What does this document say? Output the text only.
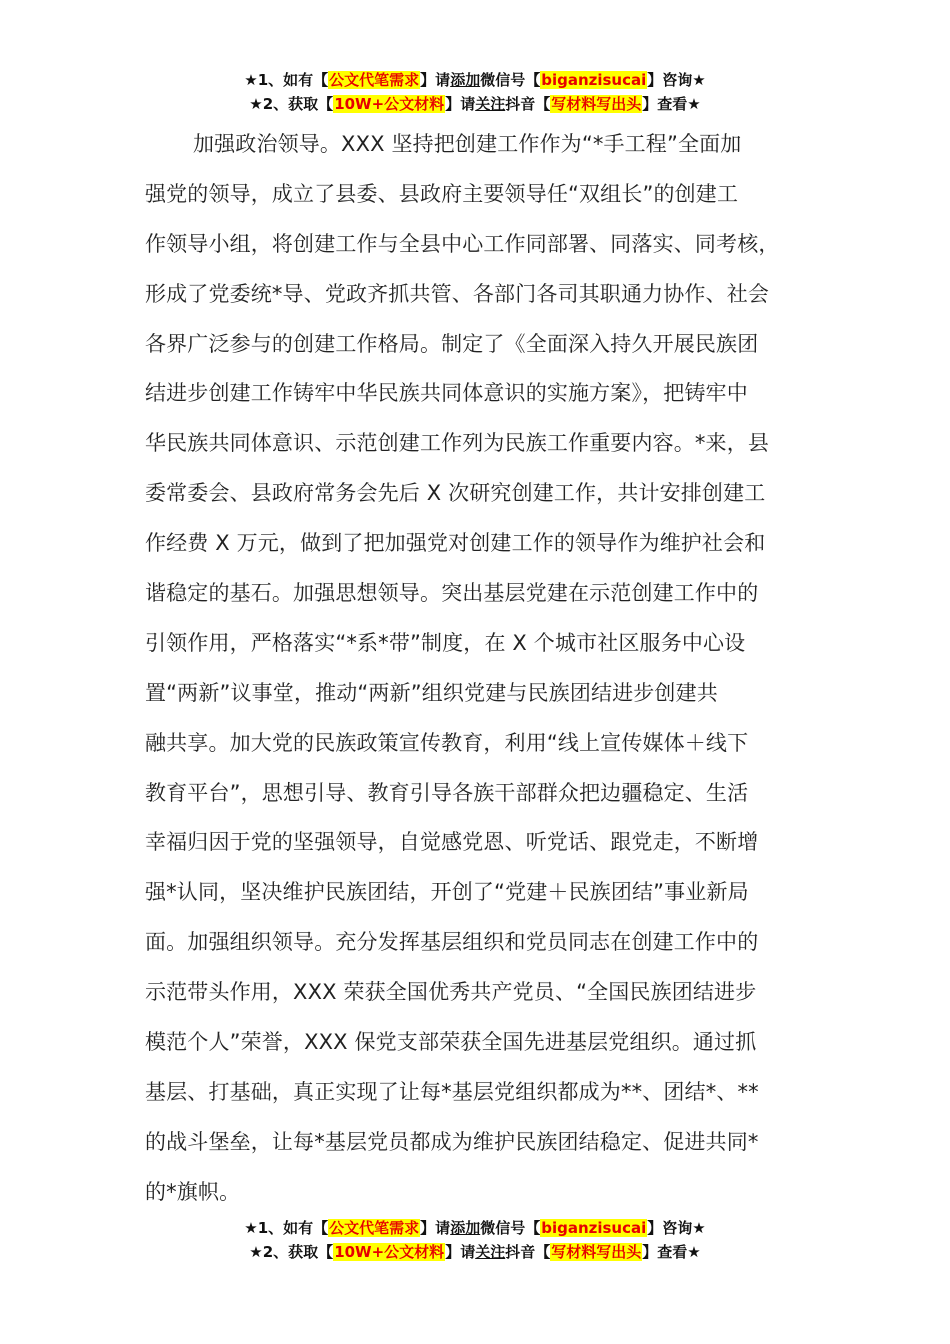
★1、如有【公文代笔需求】请添加微信号【biganzisucai】咨询★
★2、获取【10W+公文材料】请关注抖音【写材料写出头】查看★
加强政治领导。XXX 坚持把创建工作作为“*手工程”全面加
强党的领导，成立了县委、县政府主要领导任“双组长”的创建工
作领导小组，将创建工作与全县中心工作同部署、同落实、同考核，
形成了党委统*导、党政齐抓共管、各部门各司其职通力协作、社会
各界广泛参与的创建工作格局。制定了《全面深入持久开展民族团
结进步创建工作铸牢中华民族共同体意识的实施方案》，把铸牢中
华民族共同体意识、示范创建工作列为民族工作重要内容。*来，县
委常委会、县政府常务会先后 X 次研究创建工作，共计安排创建工
作经费 X 万元，做到了把加强党对创建工作的领导作为维护社会和
谐稳定的基石。加强思想领导。突出基层党建在示范创建工作中的
引领作用，严格落实“*系*带”制度，在 X 个城市社区服务中心设
置“两新”议事堂，推动“两新”组织党建与民族团结进步创建共
融共享。加大党的民族政策宣传教育，利用“线上宣传媒体＋线下
教育平台”，思想引导、教育引导各族干部群众把边疆稳定、生活
幸福归因于党的坚强领导，自觉感党恩、听党话、跟党走，不断增
强*认同，坚决维护民族团结，开创了“党建＋民族团结”事业新局
面。加强组织领导。充分发挥基层组织和党员同志在创建工作中的
示范带头作用，XXX 荣获全国优秀共产党员、“全国民族团结进步
模范个人”荣誉，XXX 保党支部荣获全国先进基层党组织。通过抓
基层、打基础，真正实现了让每*基层党组织都成为**、团结*、**
的战斗堡垒，让每*基层党员都成为维护民族团结稳定、促进共同*
的*旗帜。
★1、如有【公文代笔需求】请添加微信号【biganzisucai】咨询★
★2、获取【10W+公文材料】请关注抖音【写材料写出头】查看★
